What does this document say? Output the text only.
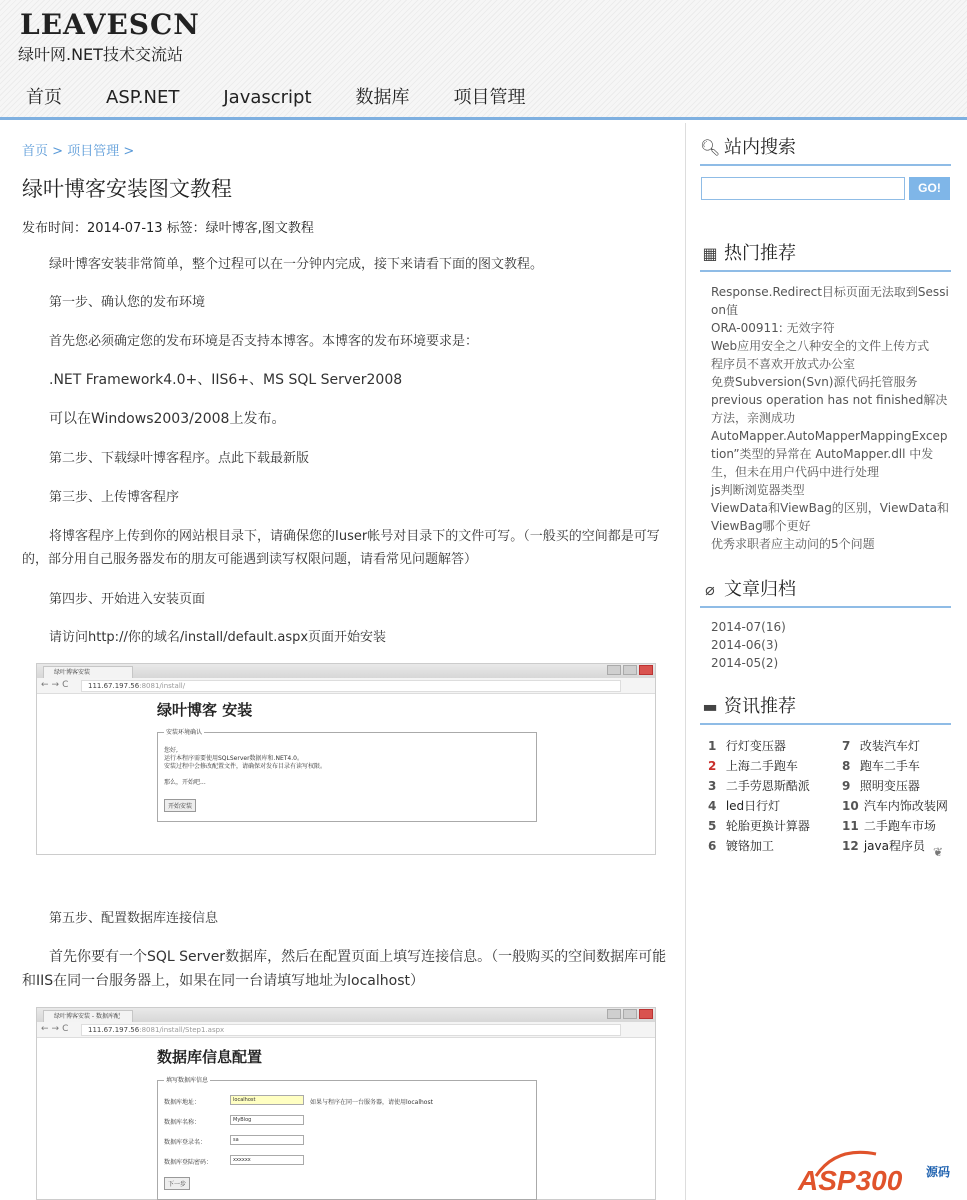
LEAVESCN
绿叶网.NET技术交流站
首页 ASP.NET Javascript 数据库 项目管理
首页 > 项目管理 >
绿叶博客安装图文教程
发布时间：2014-07-13 标签：绿叶博客,图文教程

绿叶博客安装非常简单，整个过程可以在一分钟内完成，接下来请看下面的图文教程。

第一步、确认您的发布环境

首先您必须确定您的发布环境是否支持本博客。本博客的发布环境要求是：

.NET Framework4.0+、IIS6+、MS SQL Server2008

可以在Windows2003/2008上发布。

第二步、下载绿叶博客程序。点此下载最新版

第三步、上传博客程序

将博客程序上传到你的网站根目录下，请确保您的Iuser帐号对目录下的文件可写。（一般买的空间都是可写的，部分用自己服务器发布的朋友可能遇到读写权限问题，请看常见问题解答）

第四步、开始进入安装页面

请访问http://你的域名/install/default.aspx页面开始安装

绿叶博客安装
←→C	111.67.197.56:8081/install/
绿叶博客 安装
安装环境确认
您好,
运行本程序需要使用SQLServer数据库和.NET4.0。
安装过程中会修改配置文件，请确保对发布目录有读写权限。
那么，开始吧...
开始安装

第五步、配置数据库连接信息

首先你要有一个SQL Server数据库，然后在配置页面上填写连接信息。（一般购买的空间数据库可能和IIS在同一台服务器上，如果在同一台请填写地址为localhost）

绿叶博客安装 - 数据库配
←→C	111.67.197.56:8081/install/Step1.aspx
数据库信息配置
填写数据库信息
数据库地址：	localhost	如果与程序在同一台服务器，请使用localhost
数据库名称：	MyBlog
数据库登录名：	sa
数据库登陆密码：	xxxxxx
下一步
🔍︎ 站内搜索
GO!
▦ 热门推荐
Response.Redirect目标页面无法取到Session值
ORA-00911: 无效字符
Web应用安全之八种安全的文件上传方式
程序员不喜欢开放式办公室
免费Subversion(Svn)源代码托管服务
previous operation has not finished解决方法，亲测成功
AutoMapper.AutoMapperMappingException”类型的异常在 AutoMapper.dll 中发生，但未在用户代码中进行处理
js判断浏览器类型
ViewData和ViewBag的区别，ViewData和ViewBag哪个更好
优秀求职者应主动问的5个问题
⌀ 文章归档
2014-07(16)
2014-06(3)
2014-05(2)
▬ 资讯推荐
1 行灯变压器
2 上海二手跑车
3 二手劳恩斯酷派
4 led日行灯
5 轮胎更换计算器
6 镀铬加工
7 改装汽车灯
8 跑车二手车
9 照明变压器
10 汽车内饰改装网
11 二手跑车市场
12 java程序员 ❦
ASP300 源码
